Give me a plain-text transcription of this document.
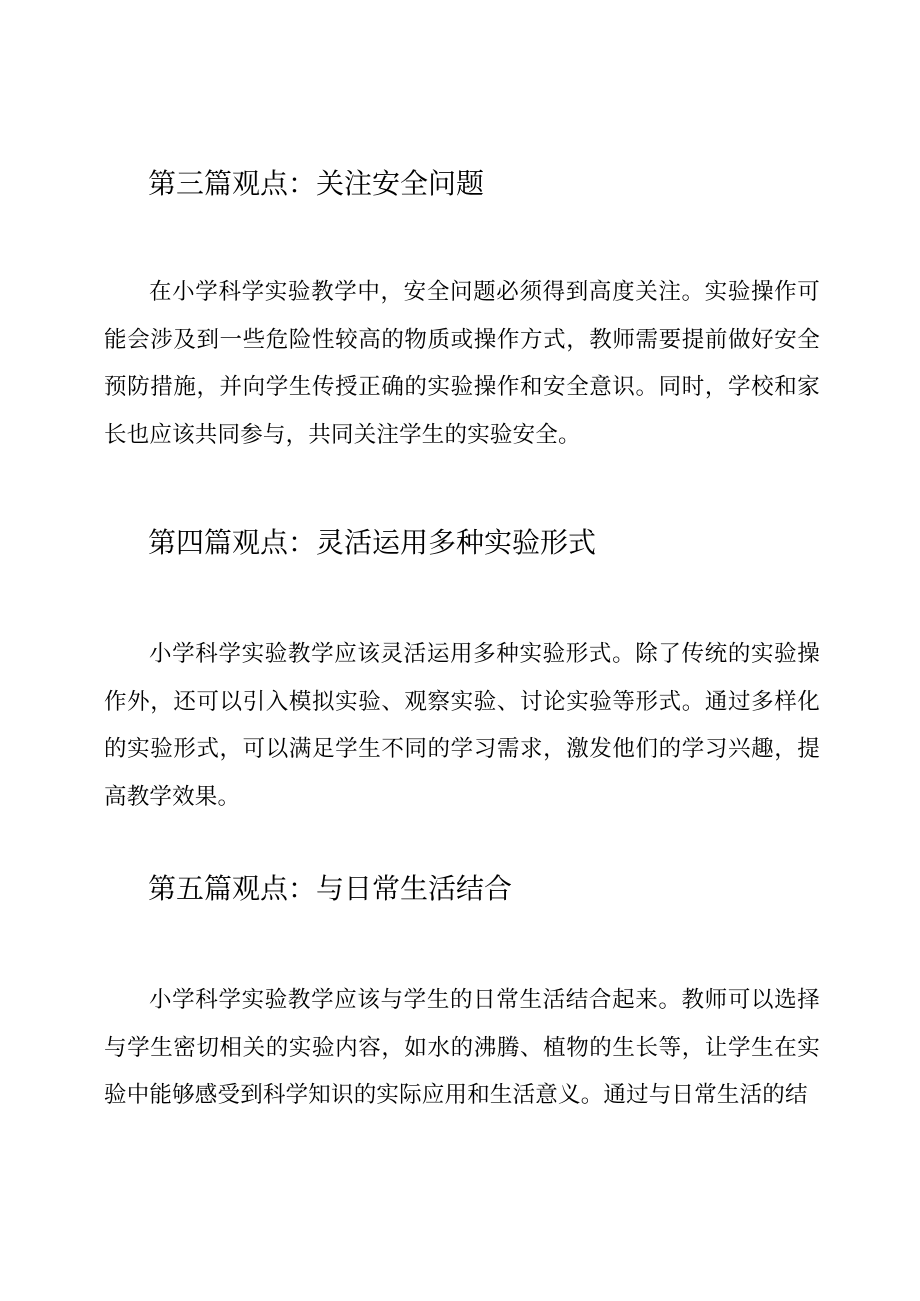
第三篇观点：关注安全问题

在小学科学实验教学中，安全问题必须得到高度关注。实验操作可能会涉及到一些危险性较高的物质或操作方式，教师需要提前做好安全预防措施，并向学生传授正确的实验操作和安全意识。同时，学校和家长也应该共同参与，共同关注学生的实验安全。

第四篇观点：灵活运用多种实验形式

小学科学实验教学应该灵活运用多种实验形式。除了传统的实验操作外，还可以引入模拟实验、观察实验、讨论实验等形式。通过多样化的实验形式，可以满足学生不同的学习需求，激发他们的学习兴趣，提高教学效果。

第五篇观点：与日常生活结合

小学科学实验教学应该与学生的日常生活结合起来。教师可以选择与学生密切相关的实验内容，如水的沸腾、植物的生长等，让学生在实验中能够感受到科学知识的实际应用和生活意义。通过与日常生活的结
